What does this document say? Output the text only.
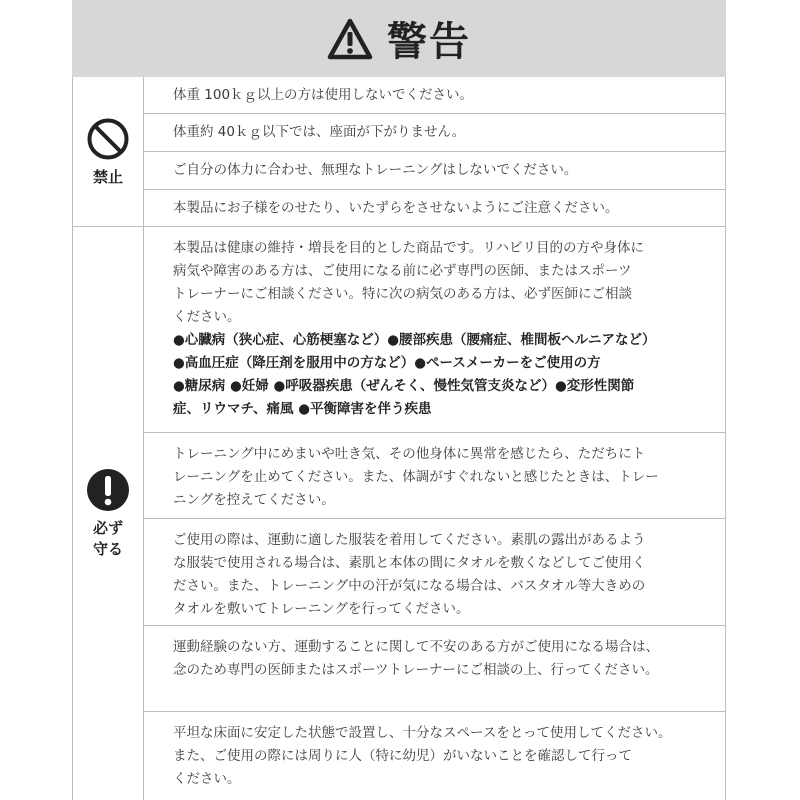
警告
禁止
体重 100ｋｇ以上の方は使用しないでください。
体重約 40ｋｇ以下では、座面が下がりません。
ご自分の体力に合わせ、無理なトレーニングはしないでください。
本製品にお子様をのせたり、いたずらをさせないようにご注意ください。
必ず
守る
本製品は健康の維持・増長を目的とした商品です。リハビリ目的の方や身体に
病気や障害のある方は、ご使用になる前に必ず専門の医師、またはスポーツ
トレーナーにご相談ください。特に次の病気のある方は、必ず医師にご相談
ください。
●心臓病（狭心症、心筋梗塞など）●腰部疾患（腰痛症、椎間板ヘルニアなど）
●高血圧症（降圧剤を服用中の方など）●ペースメーカーをご使用の方
●糖尿病 ●妊婦 ●呼吸器疾患（ぜんそく、慢性気管支炎など）●変形性関節
症、リウマチ、痛風 ●平衡障害を伴う疾患
トレーニング中にめまいや吐き気、その他身体に異常を感じたら、ただちにト
レーニングを止めてください。また、体調がすぐれないと感じたときは、トレー
ニングを控えてください。
ご使用の際は、運動に適した服装を着用してください。素肌の露出があるよう
な服装で使用される場合は、素肌と本体の間にタオルを敷くなどしてご使用く
ださい。また、トレーニング中の汗が気になる場合は、バスタオル等大きめの
タオルを敷いてトレーニングを行ってください。
運動経験のない方、運動することに関して不安のある方がご使用になる場合は、
念のため専門の医師またはスポーツトレーナーにご相談の上、行ってください。
平坦な床面に安定した状態で設置し、十分なスペースをとって使用してください。
また、ご使用の際には周りに人（特に幼児）がいないことを確認して行って
ください。
